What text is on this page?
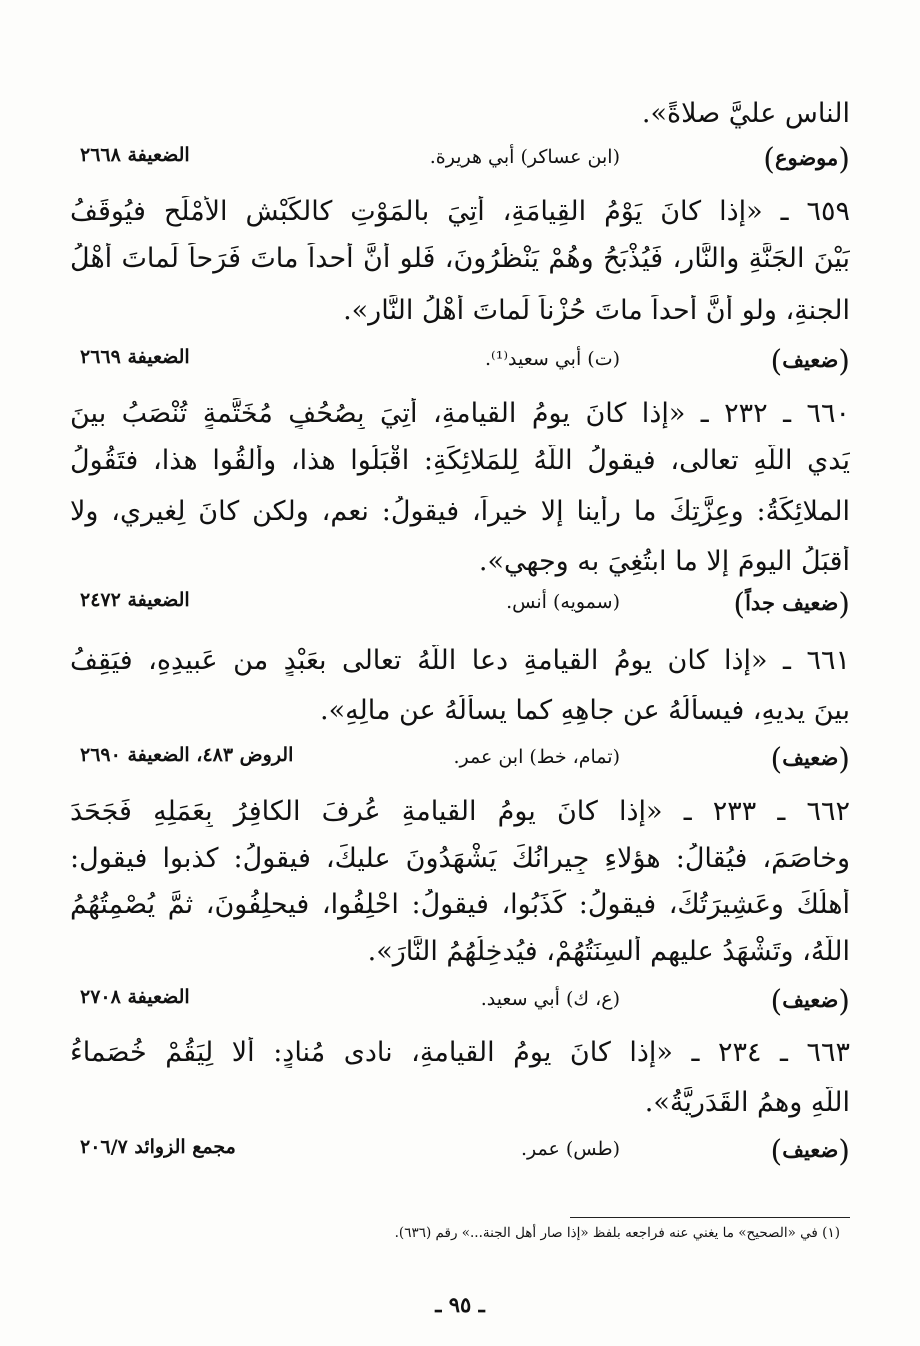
الناسِ عليَّ صلاةً».
(موضوع)
(ابن عساكر) أبي هريرة.
الضعيفة ٢٦٦٨
٦٥٩ ـ «إذا كانَ يَوْمُ القِيامَةِ، أُتِيَ بالمَوْتِ كالكَبْشِ الأمْلَحِ فيُوقَفُ
بَيْنَ الجَنَّةِ والنَّارِ، فَيُذْبَحُ وهُمْ يَنْظُرُونَ، فَلو أنَّ أحداً ماتَ فَرَحاً لَماتَ أهْلُ
الجنةِ، ولو أنَّ أحداً ماتَ حُزْناً لَماتَ أهْلُ النَّارِ».
(ضعيف)
(ت) أبي سعيد⁽¹⁾.
الضعيفة ٢٦٦٩
٦٦٠ ـ ٢٣٢ ـ «إذا كانَ يومُ القيامةِ، أُتِيَ بِصُحُفٍ مُخَتَّمةٍ تُنْصَبُ بينَ
يَدي اللَّهِ تعالى، فيقولُ اللَّهُ لِلمَلائِكَةِ: اقْبَلُوا هذا، وألقُوا هذا، فتَقُولُ
الملائِكَةُ: وعِزَّتِكَ ما رأينا إلا خيراً، فيقولُ: نعم، ولكن كانَ لِغيري، ولا
أقبَلُ اليومَ إلا ما ابتُغِيَ به وجهي».
(ضعيف جداً)
(سمويه) أنس.
الضعيفة ٢٤٧٢
٦٦١ ـ «إذا كان يومُ القيامةِ دعا اللَّهُ تعالى بعَبْدٍ من عَبيدِهِ، فيَقِفُ
بينَ يديهِ، فيسألُهُ عن جاهِهِ كما يسألُهُ عن مالِهِ».
(ضعيف)
(تمام، خط) ابن عمر.
الروض ٤٨٣، الضعيفة ٢٦٩٠
٦٦٢ ـ ٢٣٣ ـ «إذا كانَ يومُ القيامةِ عُرِفَ الكافِرُ بِعَمَلِهِ فَجَحَدَ
وخاصَمَ، فيُقالُ: هؤلاءِ جِيرانُكَ يَشْهَدُونَ عليكَ، فيقولُ: كذبوا فيقول:
أهلُكَ وعَشِيرَتُكَ، فيقولُ: كَذَبُوا، فيقولُ: احْلِفُوا، فيحلِفُونَ، ثمَّ يُصْمِتُهُمُ
اللَّهُ، وتَشْهَدُ عليهم ألسِنَتُهُمْ، فيُدخِلُهُمُ النَّارَ».
(ضعيف)
(ع، ك) أبي سعيد.
الضعيفة ٢٧٠٨
٦٦٣ ـ ٢٣٤ ـ «إذا كانَ يومُ القيامةِ، نادى مُنادٍ: ألا لِيَقُمْ خُصَماءُ
اللَّهِ وهمُ القَدَرِيَّةُ».
(ضعيف)
(طس) عمر.
مجمع الزوائد ٢٠٦/٧
(١) في «الصحيح» ما يغني عنه فراجعه بلفظ «إذا صار أهل الجنة...» رقم (٦٣٦).
ـ ٩٥ ـ
